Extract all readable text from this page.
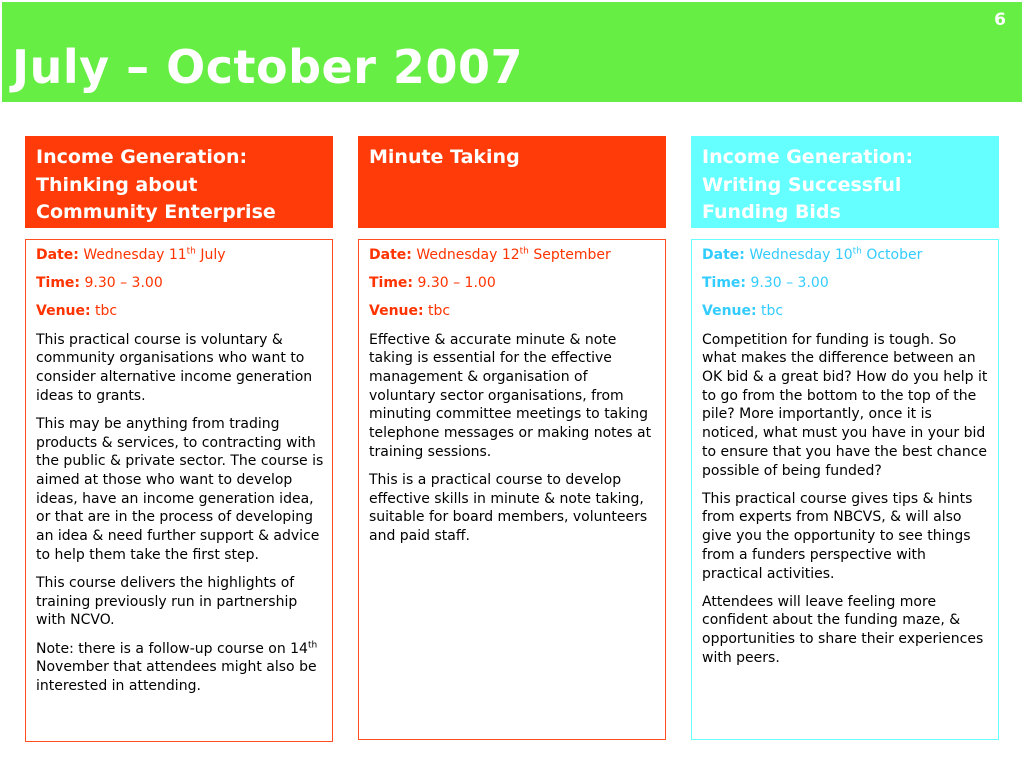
6
July – October 2007
Income Generation: Thinking about Community Enterprise
Date: Wednesday 11th July
Time: 9.30 – 3.00
Venue: tbc

This practical course is voluntary & community organisations who want to consider alternative income generation ideas to grants.

This may be anything from trading products & services, to contracting with the public & private sector. The course is aimed at those who want to develop ideas, have an income generation idea, or that are in the process of developing an idea & need further support & advice to help them take the first step.

This course delivers the highlights of training previously run in partnership with NCVO.

Note: there is a follow-up course on 14th November that attendees might also be interested in attending.

Minute Taking
Date: Wednesday 12th September
Time: 9.30 – 1.00
Venue: tbc

Effective & accurate minute & note taking is essential for the effective management & organisation of voluntary sector organisations, from minuting committee meetings to taking telephone messages or making notes at training sessions.

This is a practical course to develop effective skills in minute & note taking, suitable for board members, volunteers and paid staff.

Income Generation: Writing Successful Funding Bids
Date: Wednesday 10th October
Time: 9.30 – 3.00
Venue: tbc

Competition for funding is tough. So what makes the difference between an OK bid & a great bid? How do you help it to go from the bottom to the top of the pile? More importantly, once it is noticed, what must you have in your bid to ensure that you have the best chance possible of being funded?

This practical course gives tips & hints from experts from NBCVS, & will also give you the opportunity to see things from a funders perspective with practical activities.

Attendees will leave feeling more confident about the funding maze, & opportunities to share their experiences with peers.
